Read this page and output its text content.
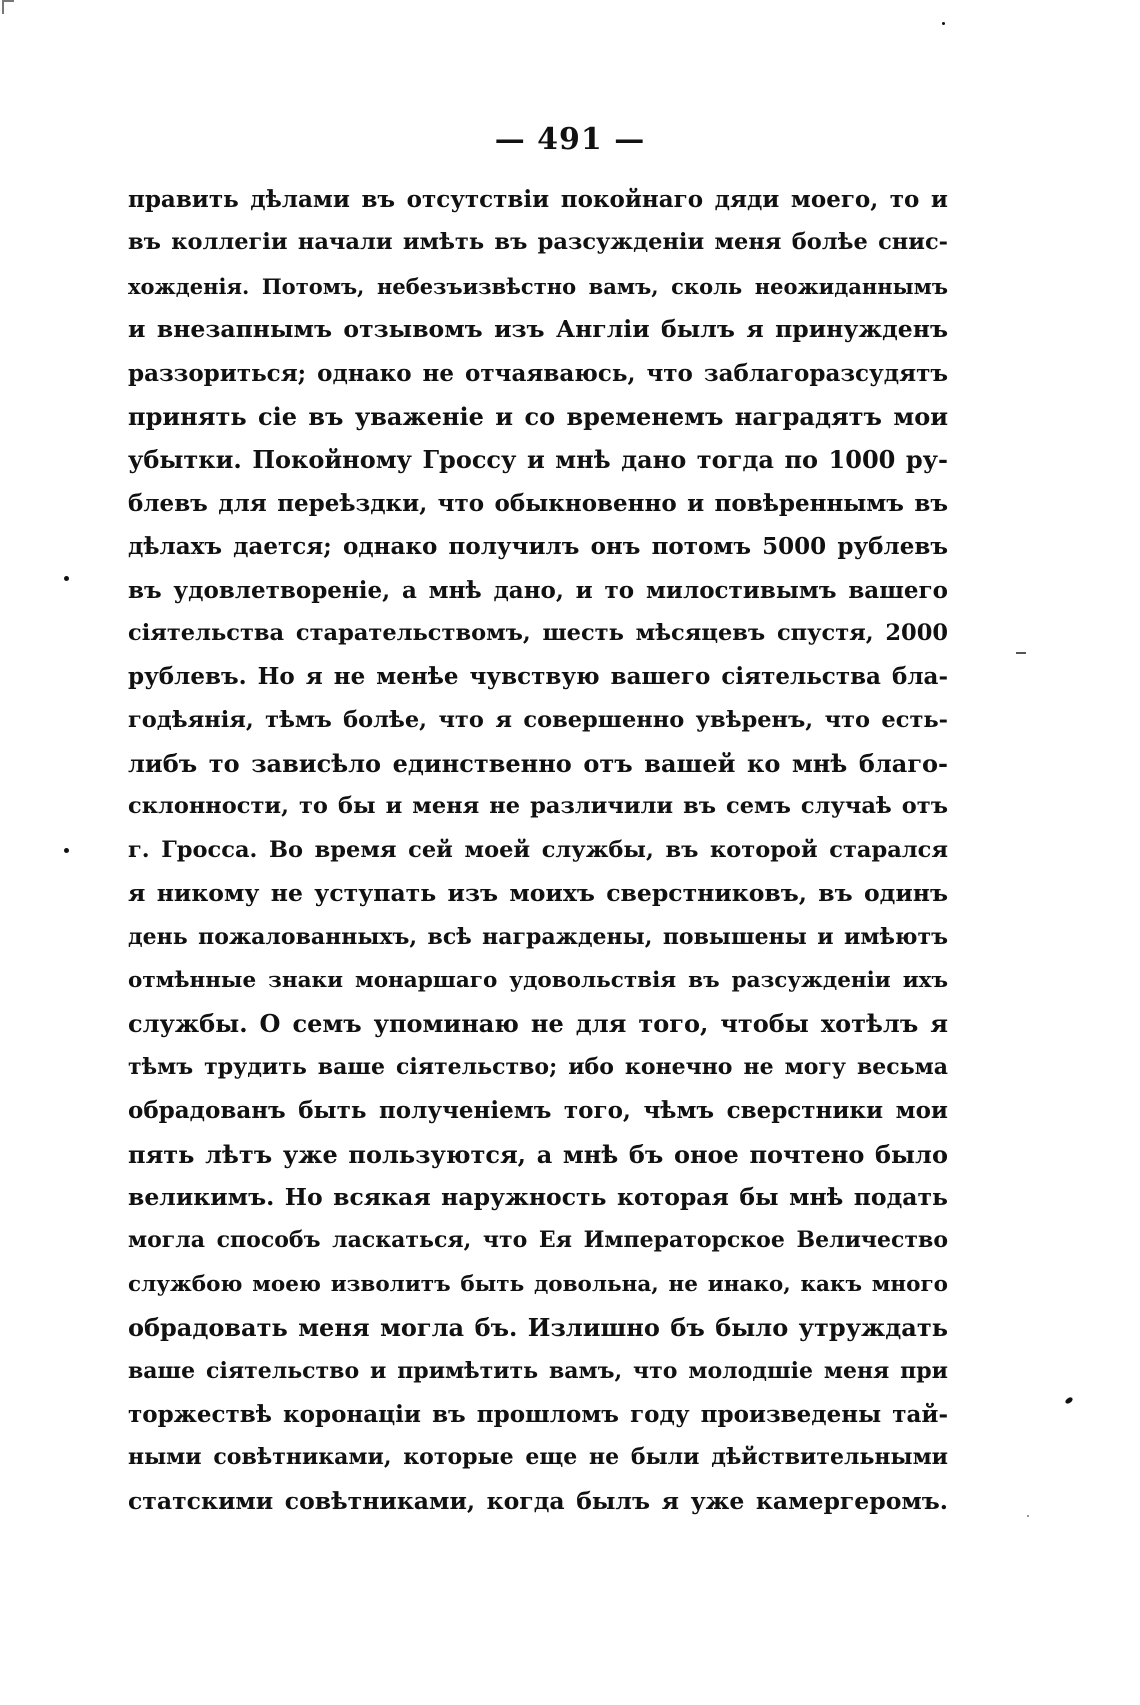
— 491 —
править дѣлами въ отсутствіи покойнаго дяди моего, то и
въ коллегіи начали имѣть въ разсужденіи меня болѣе снис-
хожденія. Потомъ, небезъизвѣстно вамъ, сколь неожиданнымъ
и внезапнымъ отзывомъ изъ Англіи былъ я принужденъ
раззориться; однако не отчаяваюсь, что заблагоразсудятъ
принять сіе въ уваженіе и со временемъ наградятъ мои
убытки. Покойному Гроссу и мнѣ дано тогда по 1000 ру-
блевъ для переѣздки, что обыкновенно и повѣреннымъ въ
дѣлахъ дается; однако получилъ онъ потомъ 5000 рублевъ
въ удовлетвореніе, а мнѣ дано, и то милостивымъ вашего
сіятельства старательствомъ, шесть мѣсяцевъ спустя, 2000
рублевъ. Но я не менѣе чувствую вашего сіятельства бла-
годѣянія, тѣмъ болѣе, что я совершенно увѣренъ, что есть-
либъ то зависѣло единственно отъ вашей ко мнѣ благо-
склонности, то бы и меня не различили въ семъ случаѣ отъ
г. Гросса. Во время сей моей службы, въ которой старался
я никому не уступать изъ моихъ сверстниковъ, въ одинъ
день пожалованныхъ, всѣ награждены, повышены и имѣютъ
отмѣнные знаки монаршаго удовольствія въ разсужденіи ихъ
службы. О семъ упоминаю не для того, чтобы хотѣлъ я
тѣмъ трудить ваше сіятельство; ибо конечно не могу весьма
обрадованъ быть полученіемъ того, чѣмъ сверстники мои
пять лѣтъ уже пользуются, а мнѣ бъ оное почтено было
великимъ. Но всякая наружность которая бы мнѣ подать
могла способъ ласкаться, что Ея Императорское Величество
службою моею изволитъ быть довольна, не инако, какъ много
обрадовать меня могла бъ. Излишно бъ было утруждать
ваше сіятельство и примѣтить вамъ, что молодшіе меня при
торжествѣ коронаціи въ прошломъ году произведены тай-
ными совѣтниками, которые еще не были дѣйствительными
статскими совѣтниками, когда былъ я уже камергеромъ.
